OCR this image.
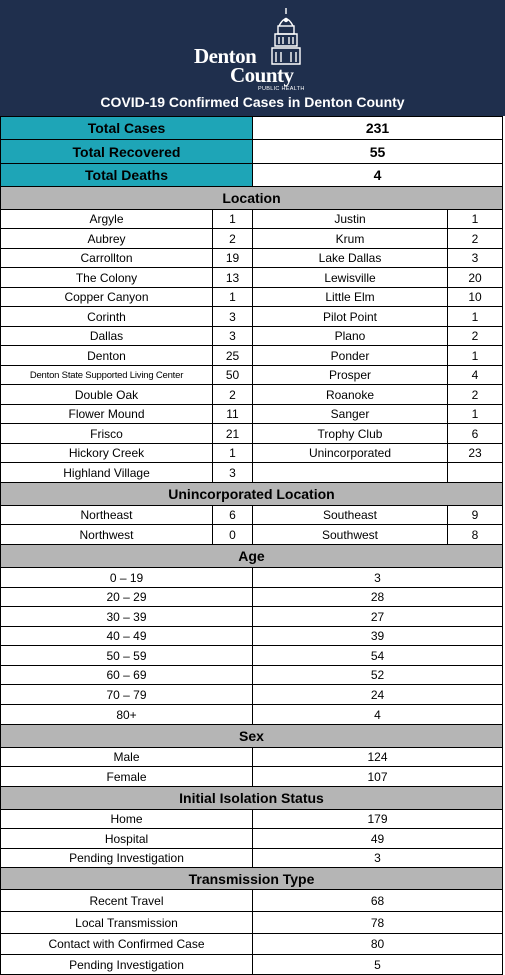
Denton
County
PUBLIC HEALTH
COVID-19 Confirmed Cases in Denton County
Total Cases	231
Total Recovered	55
Total Deaths	4
Location
Argyle	1	Justin	1
Aubrey	2	Krum	2
Carrollton	19	Lake Dallas	3
The Colony	13	Lewisville	20
Copper Canyon	1	Little Elm	10
Corinth	3	Pilot Point	1
Dallas	3	Plano	2
Denton	25	Ponder	1
Denton State Supported Living Center	50	Prosper	4
Double Oak	2	Roanoke	2
Flower Mound	11	Sanger	1
Frisco	21	Trophy Club	6
Hickory Creek	1	Unincorporated	23
Highland Village	3
Unincorporated Location
Northeast	6	Southeast	9
Northwest	0	Southwest	8
Age
0 – 19	3
20 – 29	28
30 – 39	27
40 – 49	39
50 – 59	54
60 – 69	52
70 – 79	24
80+	4
Sex
Male	124
Female	107
Initial Isolation Status
Home	179
Hospital	49
Pending Investigation	3
Transmission Type
Recent Travel	68
Local Transmission	78
Contact with Confirmed Case	80
Pending Investigation	5
